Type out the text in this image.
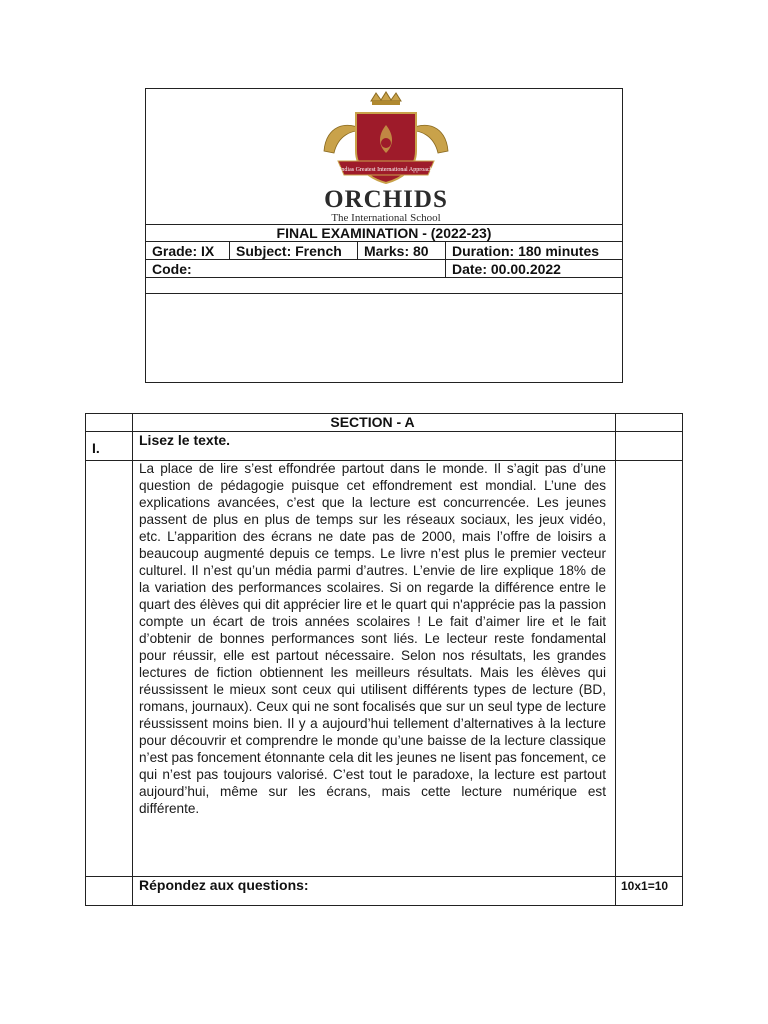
Indias Greatest International Approach
ORCHIDS
The International School
FINAL EXAMINATION - (2022-23)
Grade: IX	Subject: French	Marks: 80	Duration: 180 minutes
Code:	Date: 00.00.2022
SECTION - A
I.	Lisez le texte.
La place de lire s’est effondrée partout dans le monde. Il s’agit pas d’une question de pédagogie puisque cet effondrement est mondial. L’une des explications avancées, c’est que la lecture est concurrencée. Les jeunes passent de plus en plus de temps sur les réseaux sociaux, les jeux vidéo, etc. L’apparition des écrans ne date pas de 2000, mais l’offre de loisirs a beaucoup augmenté depuis ce temps. Le livre n’est plus le premier vecteur culturel. Il n’est qu’un média parmi d’autres. L’envie de lire explique 18% de la variation des performances scolaires. Si on regarde la différence entre le quart des élèves qui dit apprécier lire et le quart qui n'apprécie pas la passion compte un écart de trois années scolaires ! Le fait d’aimer lire et le fait d’obtenir de bonnes performances sont liés. Le lecteur reste fondamental pour réussir, elle est partout nécessaire. Selon nos résultats, les grandes lectures de fiction obtiennent les meilleurs résultats. Mais les élèves qui réussissent le mieux sont ceux qui utilisent différents types de lecture (BD, romans, journaux). Ceux qui ne sont focalisés que sur un seul type de lecture réussissent moins bien. Il y a aujourd’hui tellement d’alternatives à la lecture pour découvrir et comprendre le monde qu’une baisse de la lecture classique n’est pas foncement étonnante cela dit les jeunes ne lisent pas foncement, ce qui n’est pas toujours valorisé. C’est tout le paradoxe, la lecture est partout aujourd’hui, même sur les écrans, mais cette lecture numérique est différente.
Répondez aux questions:	10x1=10
